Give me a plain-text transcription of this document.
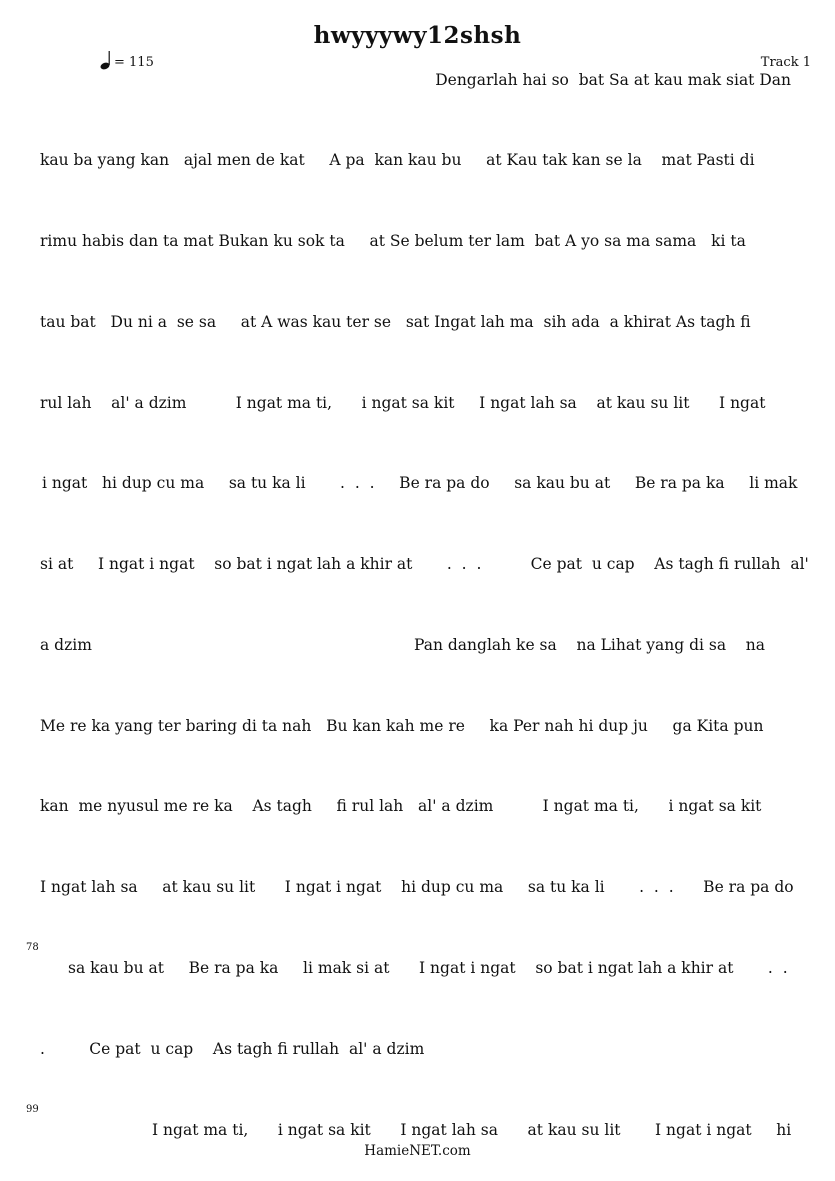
hwyyywy12shsh
= 115	Track 1
Dengarlah hai so  bat Sa at kau mak siat Dan
kau ba yang kan   ajal men de kat     A pa  kan kau bu     at Kau tak kan se la    mat Pasti di
rimu habis dan ta mat Bukan ku sok ta     at Se belum ter lam  bat A yo sa ma sama   ki ta
tau bat   Du ni a  se sa     at A was kau ter se   sat Ingat lah ma  sih ada  a khirat As tagh fi
rul lah    al' a dzim          I ngat ma ti,      i ngat sa kit     I ngat lah sa    at kau su lit      I ngat
i ngat   hi dup cu ma     sa tu ka li       .  .  .     Be ra pa do     sa kau bu at     Be ra pa ka     li mak
si at     I ngat i ngat    so bat i ngat lah a khir at       .  .  .          Ce pat  u cap    As tagh fi rullah  al'
a dzim	Pan danglah ke sa    na Lihat yang di sa    na
Me re ka yang ter baring di ta nah   Bu kan kah me re     ka Per nah hi dup ju     ga Kita pun
kan  me nyusul me re ka    As tagh     fi rul lah   al' a dzim          I ngat ma ti,      i ngat sa kit
I ngat lah sa     at kau su lit      I ngat i ngat    hi dup cu ma     sa tu ka li       .  .  .      Be ra pa do
78
sa kau bu at     Be ra pa ka     li mak si at      I ngat i ngat    so bat i ngat lah a khir at       .  .
.         Ce pat  u cap    As tagh fi rullah  al' a dzim
99
I ngat ma ti,      i ngat sa kit      I ngat lah sa      at kau su lit       I ngat i ngat     hi
HamieNET.com
